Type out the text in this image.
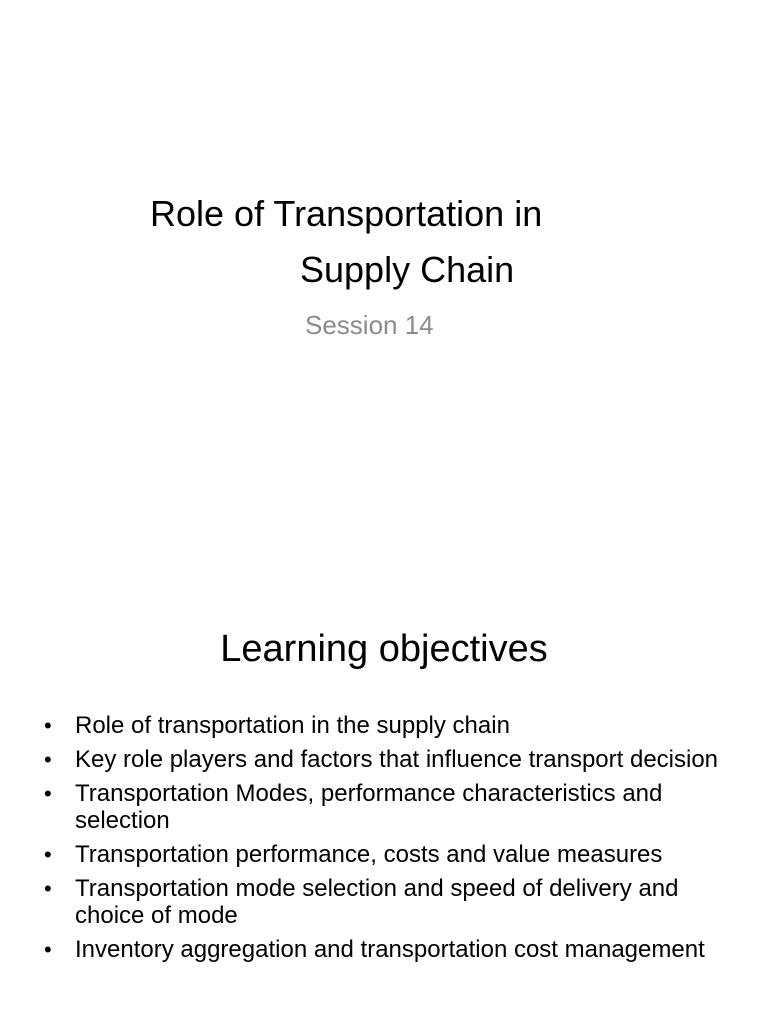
Role of Transportation in
Supply Chain
Session 14
Learning objectives
• Role of transportation in the supply chain
• Key role players and factors that influence transport decision
• Transportation Modes, performance characteristics and selection
• Transportation performance, costs and value measures
• Transportation mode selection and speed of delivery and choice of mode
• Inventory aggregation and transportation cost management
